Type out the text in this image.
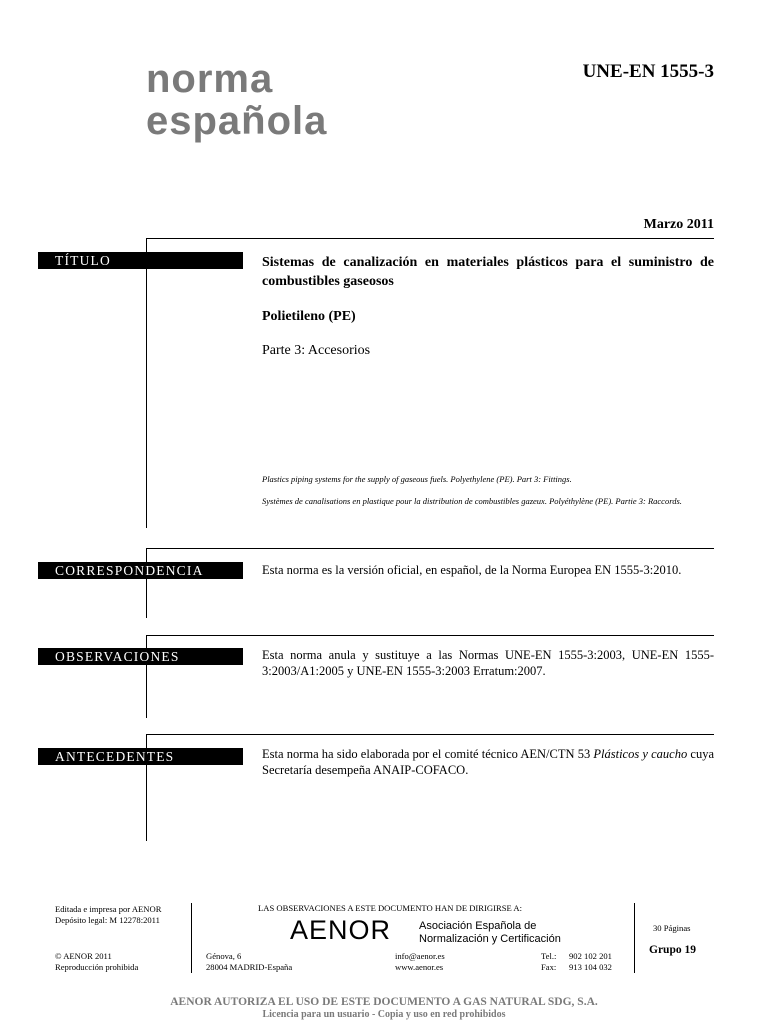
norma
española
UNE-EN 1555-3
Marzo 2011
TÍTULO	Sistemas de canalización en materiales plásticos para el suministro de combustibles gaseosos
Polietileno (PE)
Parte 3: Accesorios
Plastics piping systems for the supply of gaseous fuels. Polyethylene (PE). Part 3: Fittings.
Systèmes de canalisations en plastique pour la distribution de combustibles gazeux. Polyéthylène (PE). Partie 3: Raccords.
CORRESPONDENCIA	Esta norma es la versión oficial, en español, de la Norma Europea EN 1555-3:2010.
OBSERVACIONES	Esta norma anula y sustituye a las Normas UNE-EN 1555-3:2003, UNE-EN 1555-3:2003/A1:2005 y UNE-EN 1555-3:2003 Erratum:2007.
ANTECEDENTES	Esta norma ha sido elaborada por el comité técnico AEN/CTN 53 Plásticos y caucho cuya Secretaría desempeña ANAIP-COFACO.
Editada e impresa por AENOR
Depósito legal: M 12278:2011
© AENOR 2011
Reproducción prohibida
LAS OBSERVACIONES A ESTE DOCUMENTO HAN DE DIRIGIRSE A:
AENOR	Asociación Española de
Normalización y Certificación
Génova, 6
28004 MADRID-España
info@aenor.es
www.aenor.es
Tel.: 902 102 201
Fax: 913 104 032
30 Páginas
Grupo 19
AENOR AUTORIZA EL USO DE ESTE DOCUMENTO A GAS NATURAL SDG, S.A.
Licencia para un usuario - Copia y uso en red prohibidos
